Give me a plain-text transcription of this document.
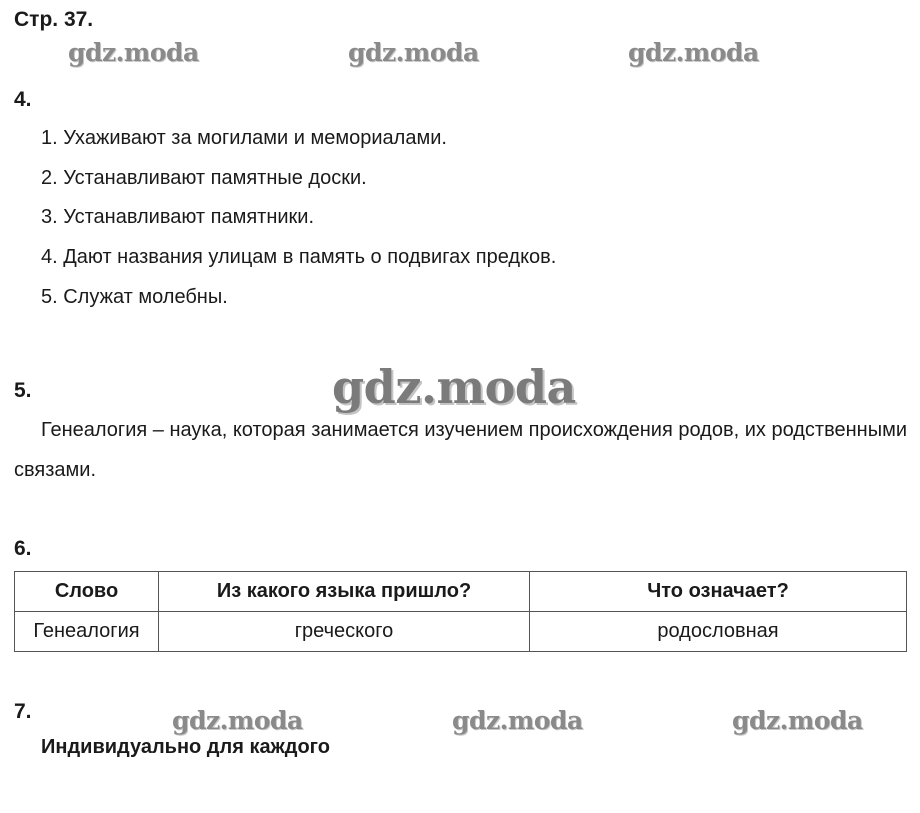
Стр. 37.
gdz.moda	gdz.moda	gdz.moda
4.
1. Ухаживают за могилами и мемориалами.
2. Устанавливают памятные доски.
3. Устанавливают памятники.
4. Дают названия улицам в память о подвигах предков.
5. Служат молебны.
gdz.moda
5.
Генеалогия – наука, которая занимается изучением происхождения родов, их родственными связами.
6.
Слово	Из какого языка пришло?	Что означает?
Генеалогия	греческого	родословная
7.	gdz.moda	gdz.moda	gdz.moda
Индивидуально для каждого
